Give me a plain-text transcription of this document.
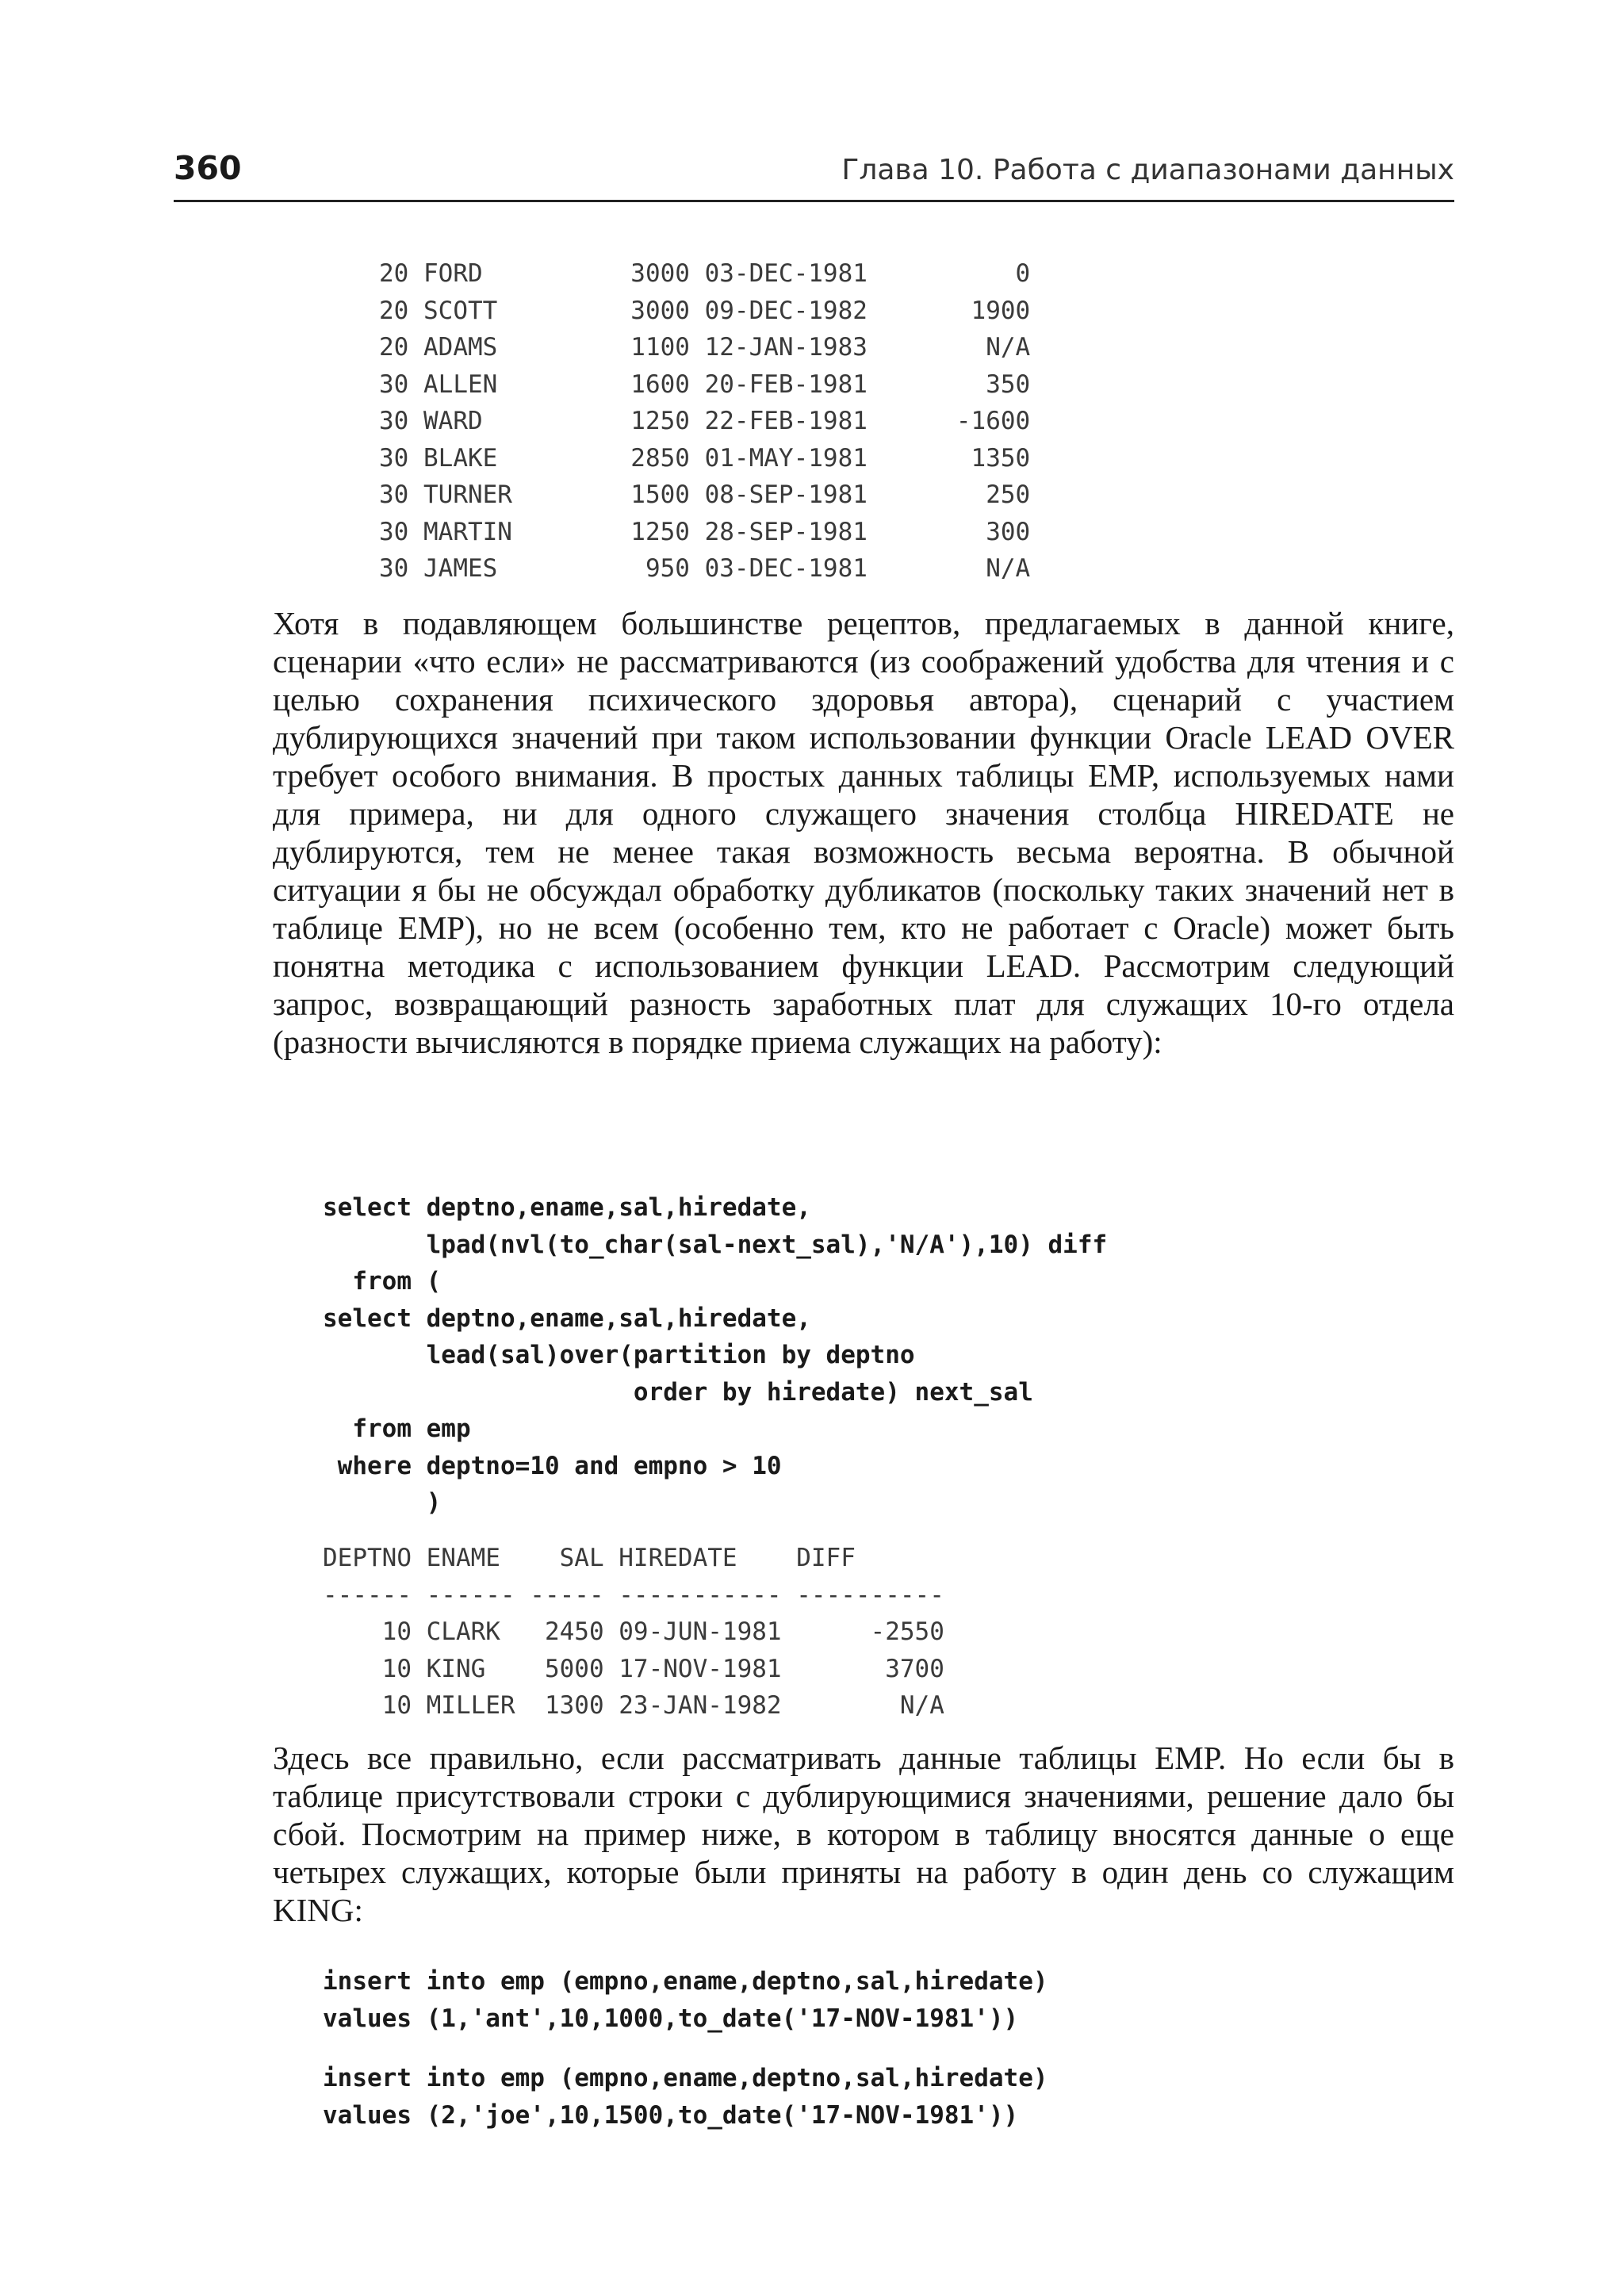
360	Глава 10. Работа с диапазонами данных
20 FORD          3000 03-DEC-1981          0
20 SCOTT         3000 09-DEC-1982       1900
20 ADAMS         1100 12-JAN-1983        N/A
30 ALLEN         1600 20-FEB-1981        350
30 WARD          1250 22-FEB-1981      -1600
30 BLAKE         2850 01-MAY-1981       1350
30 TURNER        1500 08-SEP-1981        250
30 MARTIN        1250 28-SEP-1981        300
30 JAMES          950 03-DEC-1981        N/A

Хотя в подавляющем большинстве рецептов, предлагаемых в данной книге, сценарии «что если» не рассматриваются (из соображений удобства для чтения и с целью сохранения психического здоровья автора), сценарий с участием дублирующихся значений при таком использовании функции Oracle LEAD OVER требует особого внимания. В простых данных таблицы EMP, используемых нами для примера, ни для одного служащего значения столбца HIREDATE не дублируются, тем не менее такая возможность весьма вероятна. В обычной ситуации я бы не обсуждал обработку дубликатов (поскольку таких значений нет в таблице EMP), но не всем (особенно тем, кто не работает с Oracle) может быть понятна методика с использованием функции LEAD. Рассмотрим следующий запрос, возвращающий разность заработных плат для служащих 10-го отдела (разности вычисляются в порядке приема служащих на работу):

select deptno,ename,sal,hiredate,
lpad(nvl(to_char(sal-next_sal),'N/A'),10) diff
from (
select deptno,ename,sal,hiredate,
lead(sal)over(partition by deptno
order by hiredate) next_sal
from emp
where deptno=10 and empno > 10
)
DEPTNO ENAME    SAL HIREDATE    DIFF
------ ------ ----- ----------- ----------
10 CLARK   2450 09-JUN-1981      -2550
10 KING    5000 17-NOV-1981       3700
10 MILLER  1300 23-JAN-1982        N/A

Здесь все правильно, если рассматривать данные таблицы EMP. Но если бы в таблице присутствовали строки с дублирующимися значениями, решение дало бы сбой. Посмотрим на пример ниже, в котором в таблицу вносятся данные о еще четырех служащих, которые были приняты на работу в один день со служащим KING:

insert into emp (empno,ename,deptno,sal,hiredate)
values (1,'ant',10,1000,to_date('17-NOV-1981'))
insert into emp (empno,ename,deptno,sal,hiredate)
values (2,'joe',10,1500,to_date('17-NOV-1981'))
